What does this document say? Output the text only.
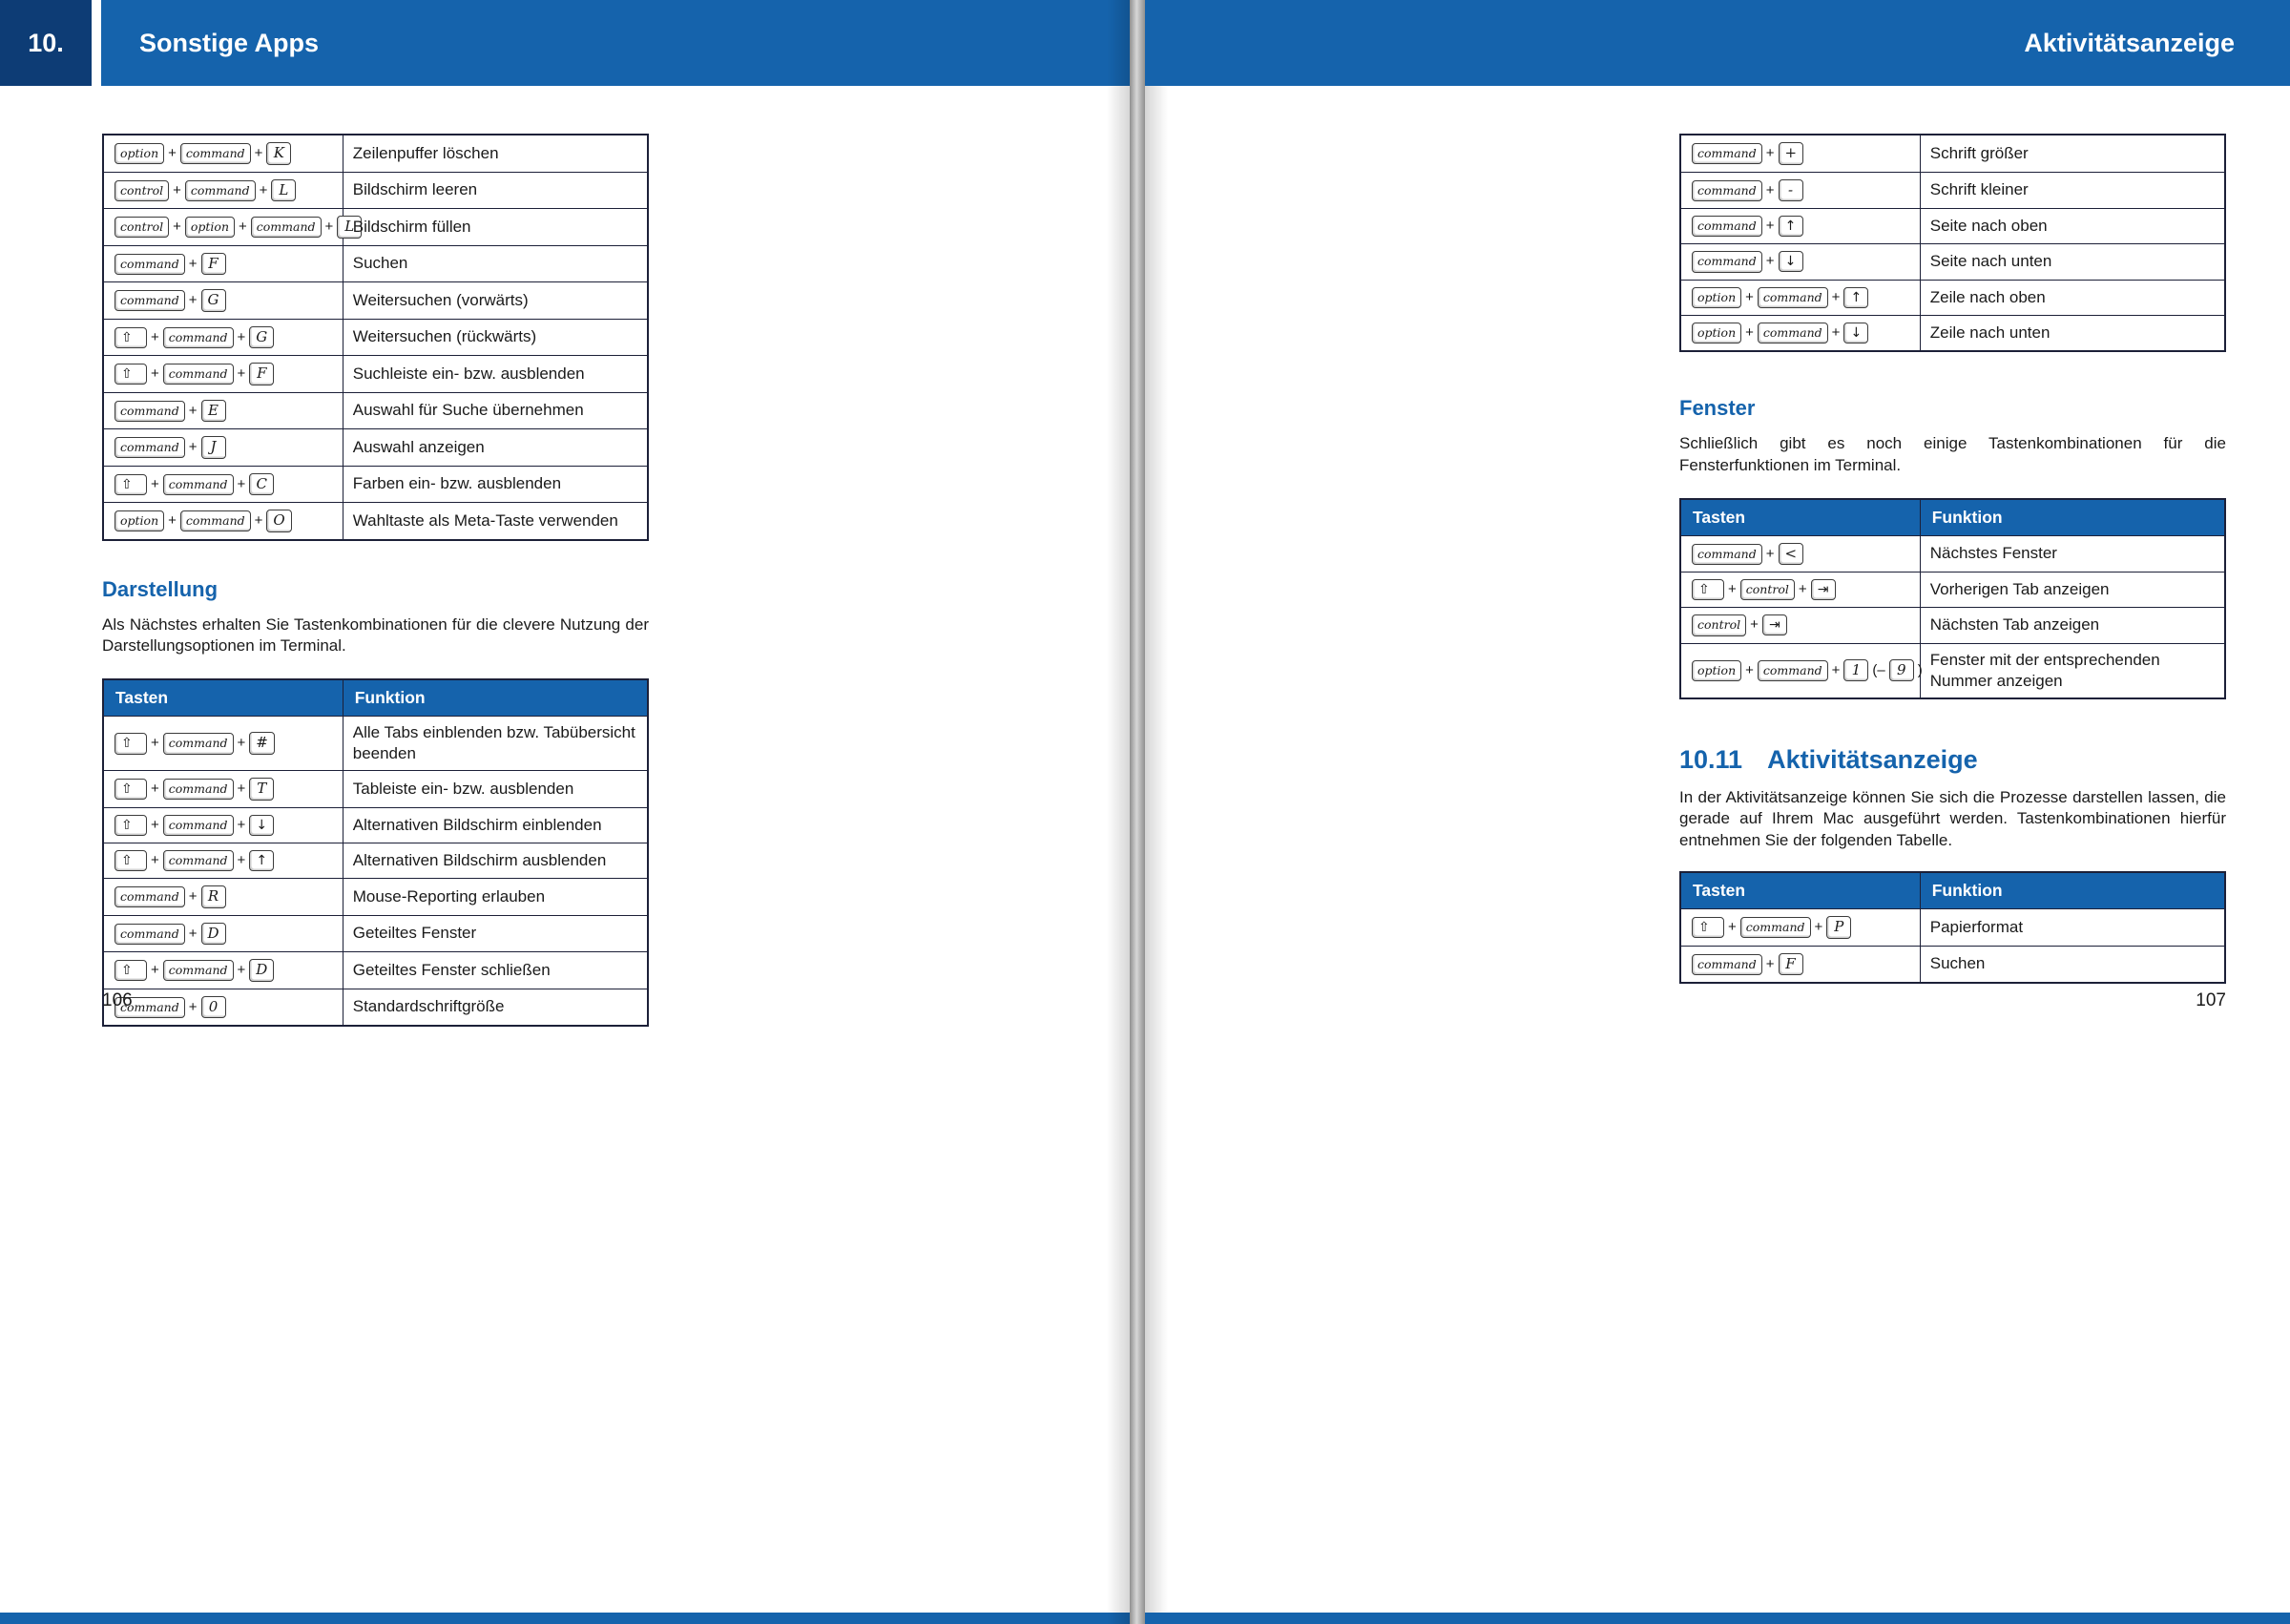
10.	Sonstige Apps
option + command + K	Zeilenpuffer löschen
control + command + L	Bildschirm leeren
control + option + command + L	Bildschirm füllen
command + F	Suchen
command + G	Weitersuchen (vorwärts)
⇧ + command + G	Weitersuchen (rückwärts)
⇧ + command + F	Suchleiste ein- bzw. ausblenden
command + E	Auswahl für Suche übernehmen
command + J	Auswahl anzeigen
⇧ + command + C	Farben ein- bzw. ausblenden
option + command + O	Wahltaste als Meta-Taste verwenden
Darstellung

Als Nächstes erhalten Sie Tastenkombinationen für die clevere Nutzung der Darstellungsoptionen im Terminal.

Tasten	Funktion
⇧ + command + #	Alle Tabs einblenden bzw. Tabübersicht beenden
⇧ + command + T	Tableiste ein- bzw. ausblenden
⇧ + command + ↓	Alternativen Bildschirm einblenden
⇧ + command + ↑	Alternativen Bildschirm ausblenden
command + R	Mouse-Reporting erlauben
command + D	Geteiltes Fenster
⇧ + command + D	Geteiltes Fenster schließen
command + 0	Standardschriftgröße
106
Aktivitätsanzeige
command + +	Schrift größer
command + -	Schrift kleiner
command + ↑	Seite nach oben
command + ↓	Seite nach unten
option + command + ↑	Zeile nach oben
option + command + ↓	Zeile nach unten
Fenster

Schließlich gibt es noch einige Tastenkombinationen für die Fensterfunktionen im Terminal.

Tasten	Funktion
command + <	Nächstes Fenster
⇧ + control + ⇥	Vorherigen Tab anzeigen
control + ⇥	Nächsten Tab anzeigen
option + command + 1 (– 9 )	Fenster mit der entsprechenden Nummer anzeigen
10.11 Aktivitätsanzeige

In der Aktivitätsanzeige können Sie sich die Prozesse darstellen lassen, die gerade auf Ihrem Mac ausgeführt werden. Tastenkombinationen hierfür entnehmen Sie der folgenden Tabelle.

Tasten	Funktion
⇧ + command + P	Papierformat
command + F	Suchen
107
